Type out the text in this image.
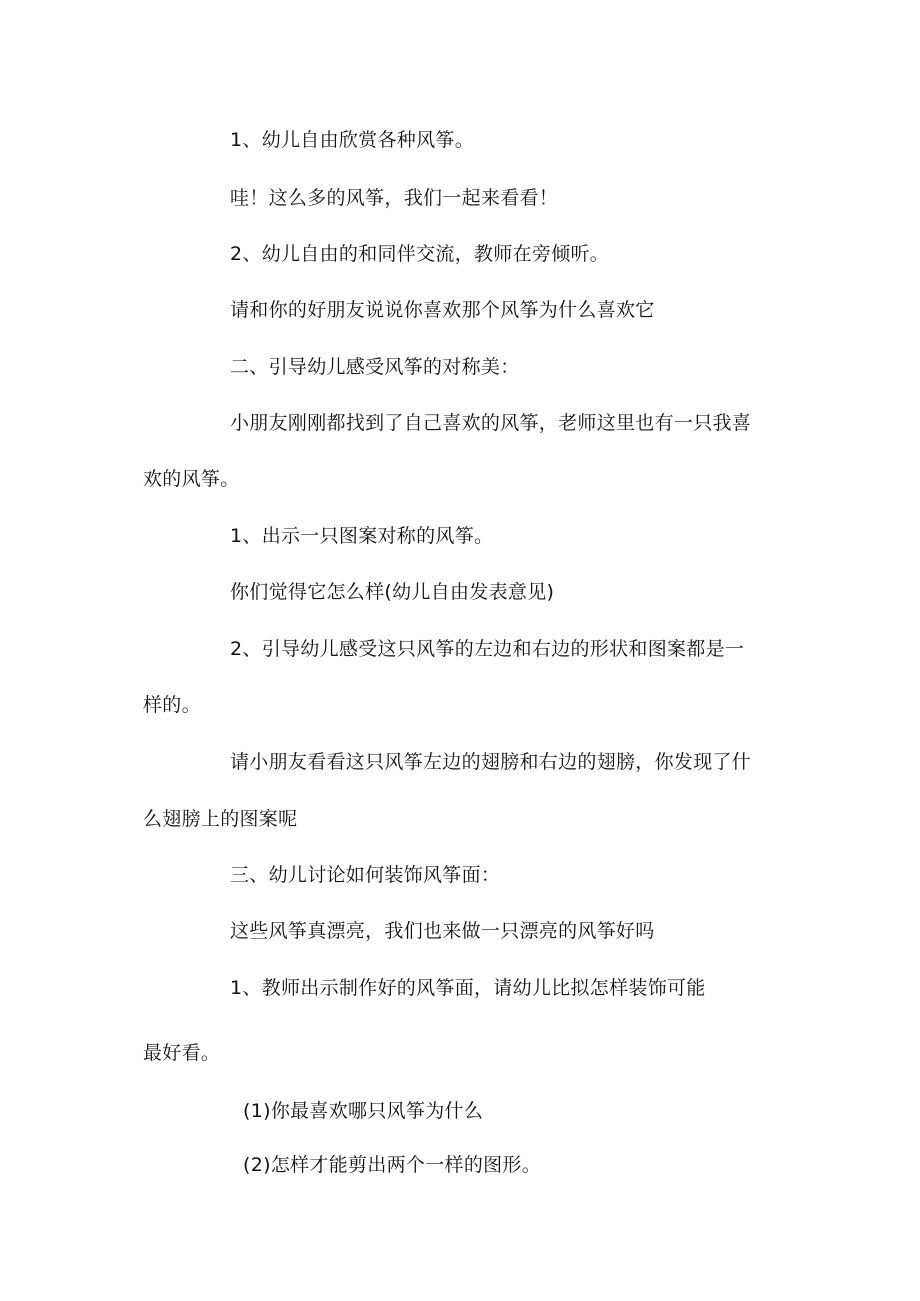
1、幼儿自由欣赏各种风筝。
哇！这么多的风筝，我们一起来看看！
2、幼儿自由的和同伴交流，教师在旁倾听。
请和你的好朋友说说你喜欢那个风筝为什么喜欢它
二、引导幼儿感受风筝的对称美：
小朋友刚刚都找到了自己喜欢的风筝，老师这里也有一只我喜
欢的风筝。
1、出示一只图案对称的风筝。
你们觉得它怎么样(幼儿自由发表意见)
2、引导幼儿感受这只风筝的左边和右边的形状和图案都是一
样的。
请小朋友看看这只风筝左边的翅膀和右边的翅膀，你发现了什
么翅膀上的图案呢
三、幼儿讨论如何装饰风筝面：
这些风筝真漂亮，我们也来做一只漂亮的风筝好吗
1、教师出示制作好的风筝面，请幼儿比拟怎样装饰可能
最好看。
(1)你最喜欢哪只风筝为什么
(2)怎样才能剪出两个一样的图形。
